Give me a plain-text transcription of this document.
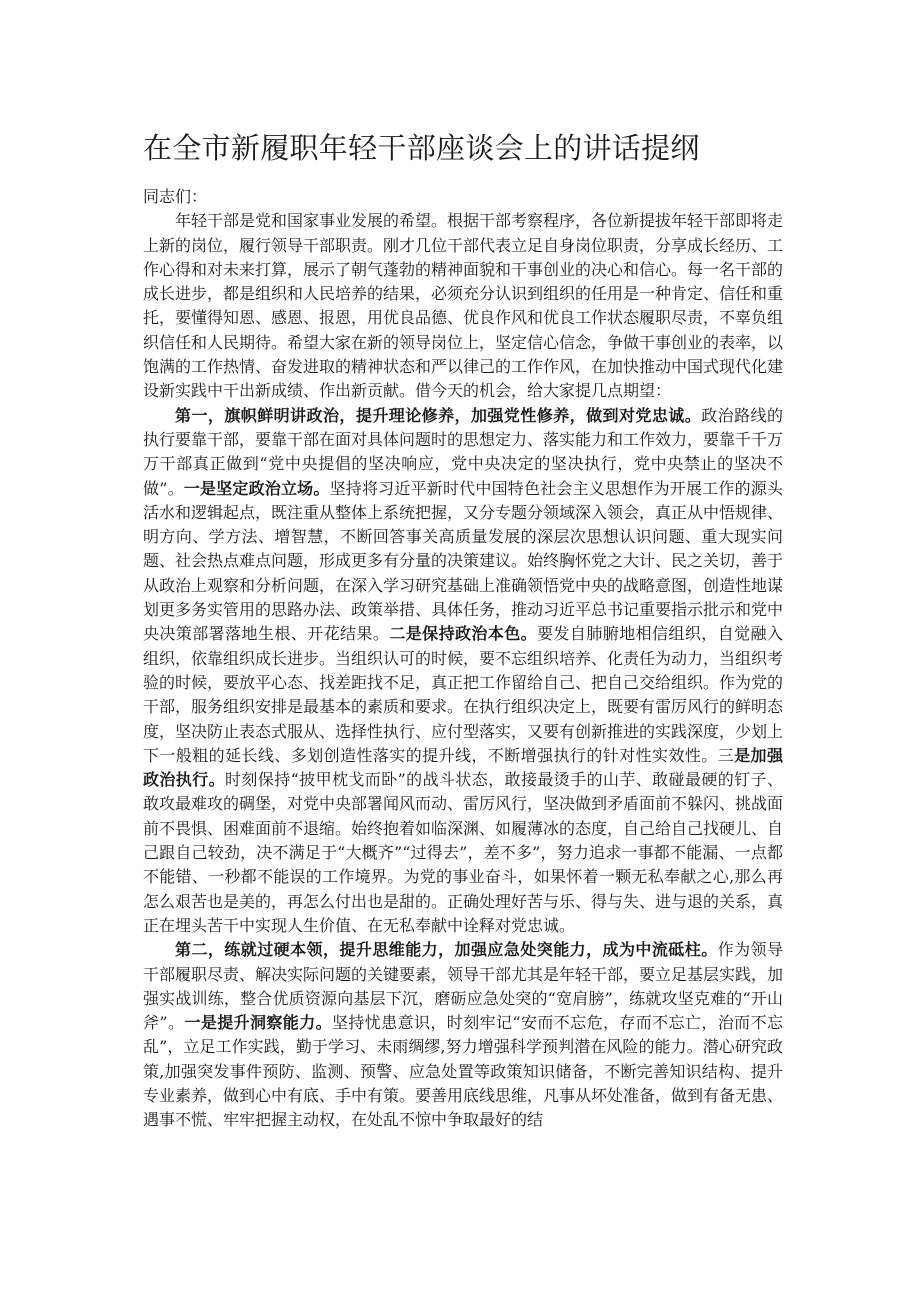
在全市新履职年轻干部座谈会上的讲话提纲

同志们：

年轻干部是党和国家事业发展的希望。根据干部考察程序，各位新提拔年轻干部即将走上新的岗位，履行领导干部职责。刚才几位干部代表立足自身岗位职责，分享成长经历、工作心得和对未来打算，展示了朝气蓬勃的精神面貌和干事创业的决心和信心。每一名干部的成长进步，都是组织和人民培养的结果，必须充分认识到组织的任用是一种肯定、信任和重托，要懂得知恩、感恩、报恩，用优良品德、优良作风和优良工作状态履职尽责，不辜负组织信任和人民期待。希望大家在新的领导岗位上，坚定信心信念，争做干事创业的表率，以饱满的工作热情、奋发进取的精神状态和严以律己的工作作风，在加快推动中国式现代化建设新实践中干出新成绩、作出新贡献。借今天的机会，给大家提几点期望：

第一，旗帜鲜明讲政治，提升理论修养，加强党性修养，做到对党忠诚。政治路线的执行要靠干部，要靠干部在面对具体问题时的思想定力、落实能力和工作效力，要靠千千万万干部真正做到“党中央提倡的坚决响应，党中央决定的坚决执行，党中央禁止的坚决不做”。一是坚定政治立场。坚持将习近平新时代中国特色社会主义思想作为开展工作的源头活水和逻辑起点，既注重从整体上系统把握，又分专题分领域深入领会，真正从中悟规律、明方向、学方法、增智慧，不断回答事关高质量发展的深层次思想认识问题、重大现实问题、社会热点难点问题，形成更多有分量的决策建议。始终胸怀党之大计、民之关切，善于从政治上观察和分析问题，在深入学习研究基础上准确领悟党中央的战略意图，创造性地谋划更多务实管用的思路办法、政策举措、具体任务，推动习近平总书记重要指示批示和党中央决策部署落地生根、开花结果。二是保持政治本色。要发自肺腑地相信组织，自觉融入组织，依靠组织成长进步。当组织认可的时候，要不忘组织培养、化责任为动力，当组织考验的时候，要放平心态、找差距找不足，真正把工作留给自己、把自己交给组织。作为党的干部，服务组织安排是最基本的素质和要求。在执行组织决定上，既要有雷厉风行的鲜明态度，坚决防止表态式服从、选择性执行、应付型落实，又要有创新推进的实践深度，少划上下一般粗的延长线、多划创造性落实的提升线，不断增强执行的针对性实效性。三是加强政治执行。时刻保持“披甲枕戈而卧”的战斗状态，敢接最烫手的山芋、敢碰最硬的钉子、敢攻最难攻的碉堡，对党中央部署闻风而动、雷厉风行，坚决做到矛盾面前不躲闪、挑战面前不畏惧、困难面前不退缩。始终抱着如临深渊、如履薄冰的态度，自己给自己找硬儿、自己跟自己较劲，决不满足于“大概齐”“过得去”，差不多”，努力追求一事都不能漏、一点都不能错、一秒都不能误的工作境界。为党的事业奋斗，如果怀着一颗无私奉献之心,那么再怎么艰苦也是美的，再怎么付出也是甜的。正确处理好苦与乐、得与失、进与退的关系，真正在埋头苦干中实现人生价值、在无私奉献中诠释对党忠诚。

第二，练就过硬本领，提升思维能力，加强应急处突能力，成为中流砥柱。作为领导干部履职尽责、解决实际问题的关键要素，领导干部尤其是年轻干部，要立足基层实践，加强实战训练，整合优质资源向基层下沉，磨砺应急处突的“宽肩膀”，练就攻坚克难的“开山斧”。一是提升洞察能力。坚持忧患意识，时刻牢记“安而不忘危，存而不忘亡，治而不忘乱”，立足工作实践，勤于学习、未雨绸缪,努力增强科学预判潜在风险的能力。潜心研究政策,加强突发事件预防、监测、预警、应急处置等政策知识储备，不断完善知识结构、提升专业素养，做到心中有底、手中有策。要善用底线思维，凡事从坏处准备，做到有备无患、遇事不慌、牢牢把握主动权，在处乱不惊中争取最好的结
